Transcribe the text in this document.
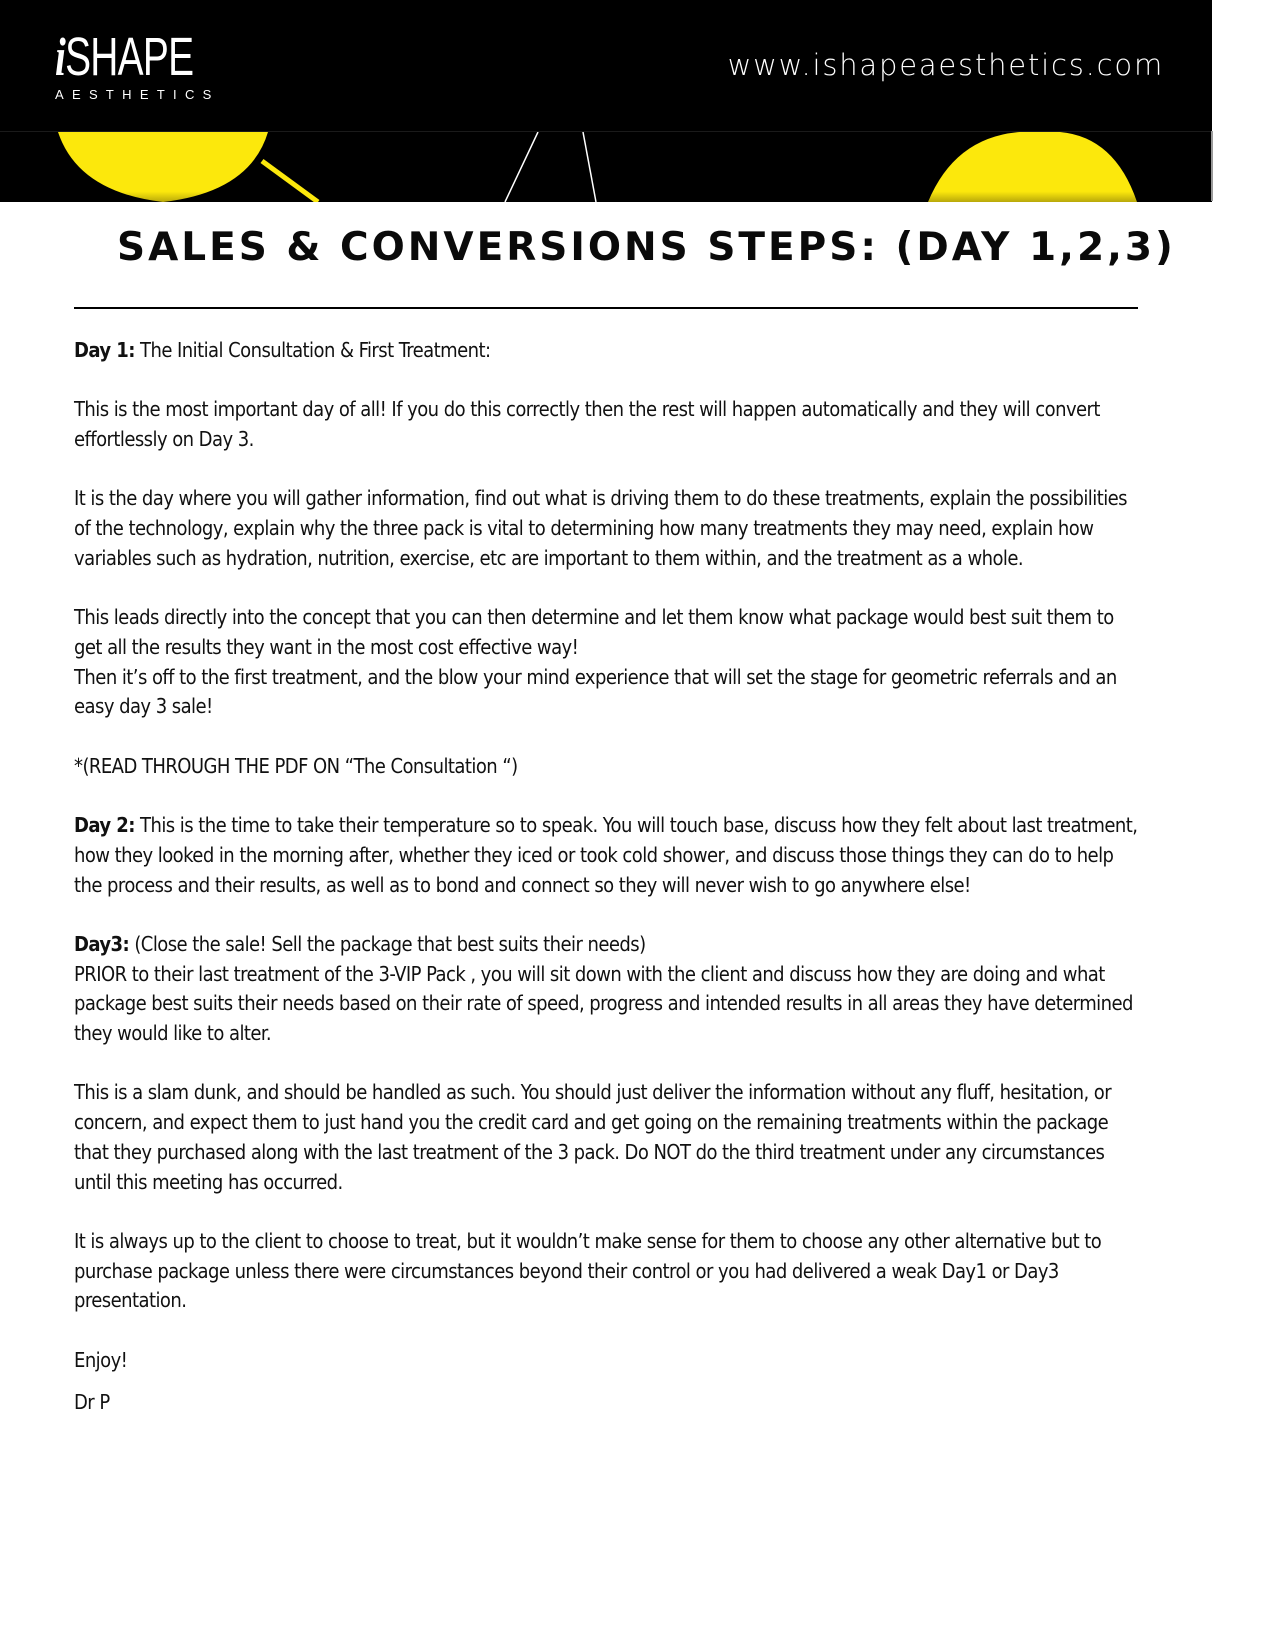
iSHAPE
AESTHETICS
www.ishapeaesthetics.com
SALES & CONVERSIONS STEPS: (DAY 1,2,3)

Day 1: The Initial Consultation & First Treatment:

This is the most important day of all! If you do this correctly then the rest will happen automatically and they will convert effortlessly on Day 3.

It is the day where you will gather information, find out what is driving them to do these treatments, explain the possibilities of the technology, explain why the three pack is vital to determining how many treatments they may need, explain how variables such as hydration, nutrition, exercise, etc are important to them within, and the treatment as a whole.

This leads directly into the concept that you can then determine and let them know what package would best suit them to get all the results they want in the most cost effective way!
Then it’s off to the first treatment, and the blow your mind experience that will set the stage for geometric referrals and an easy day 3 sale!

*(READ THROUGH THE PDF ON “The Consultation “)

Day 2: This is the time to take their temperature so to speak. You will touch base, discuss how they felt about last treatment, how they looked in the morning after, whether they iced or took cold shower, and discuss those things they can do to help the process and their results, as well as to bond and connect so they will never wish to go anywhere else!

Day3: (Close the sale! Sell the package that best suits their needs)
PRIOR to their last treatment of the 3-VIP Pack , you will sit down with the client and discuss how they are doing and what package best suits their needs based on their rate of speed, progress and intended results in all areas they have determined they would like to alter.

This is a slam dunk, and should be handled as such. You should just deliver the information without any fluff, hesitation, or concern, and expect them to just hand you the credit card and get going on the remaining treatments within the package that they purchased along with the last treatment of the 3 pack. Do NOT do the third treatment under any circumstances until this meeting has occurred.

It is always up to the client to choose to treat, but it wouldn’t make sense for them to choose any other alternative but to purchase package unless there were circumstances beyond their control or you had delivered a weak Day1 or Day3 presentation.

Enjoy!

Dr P
